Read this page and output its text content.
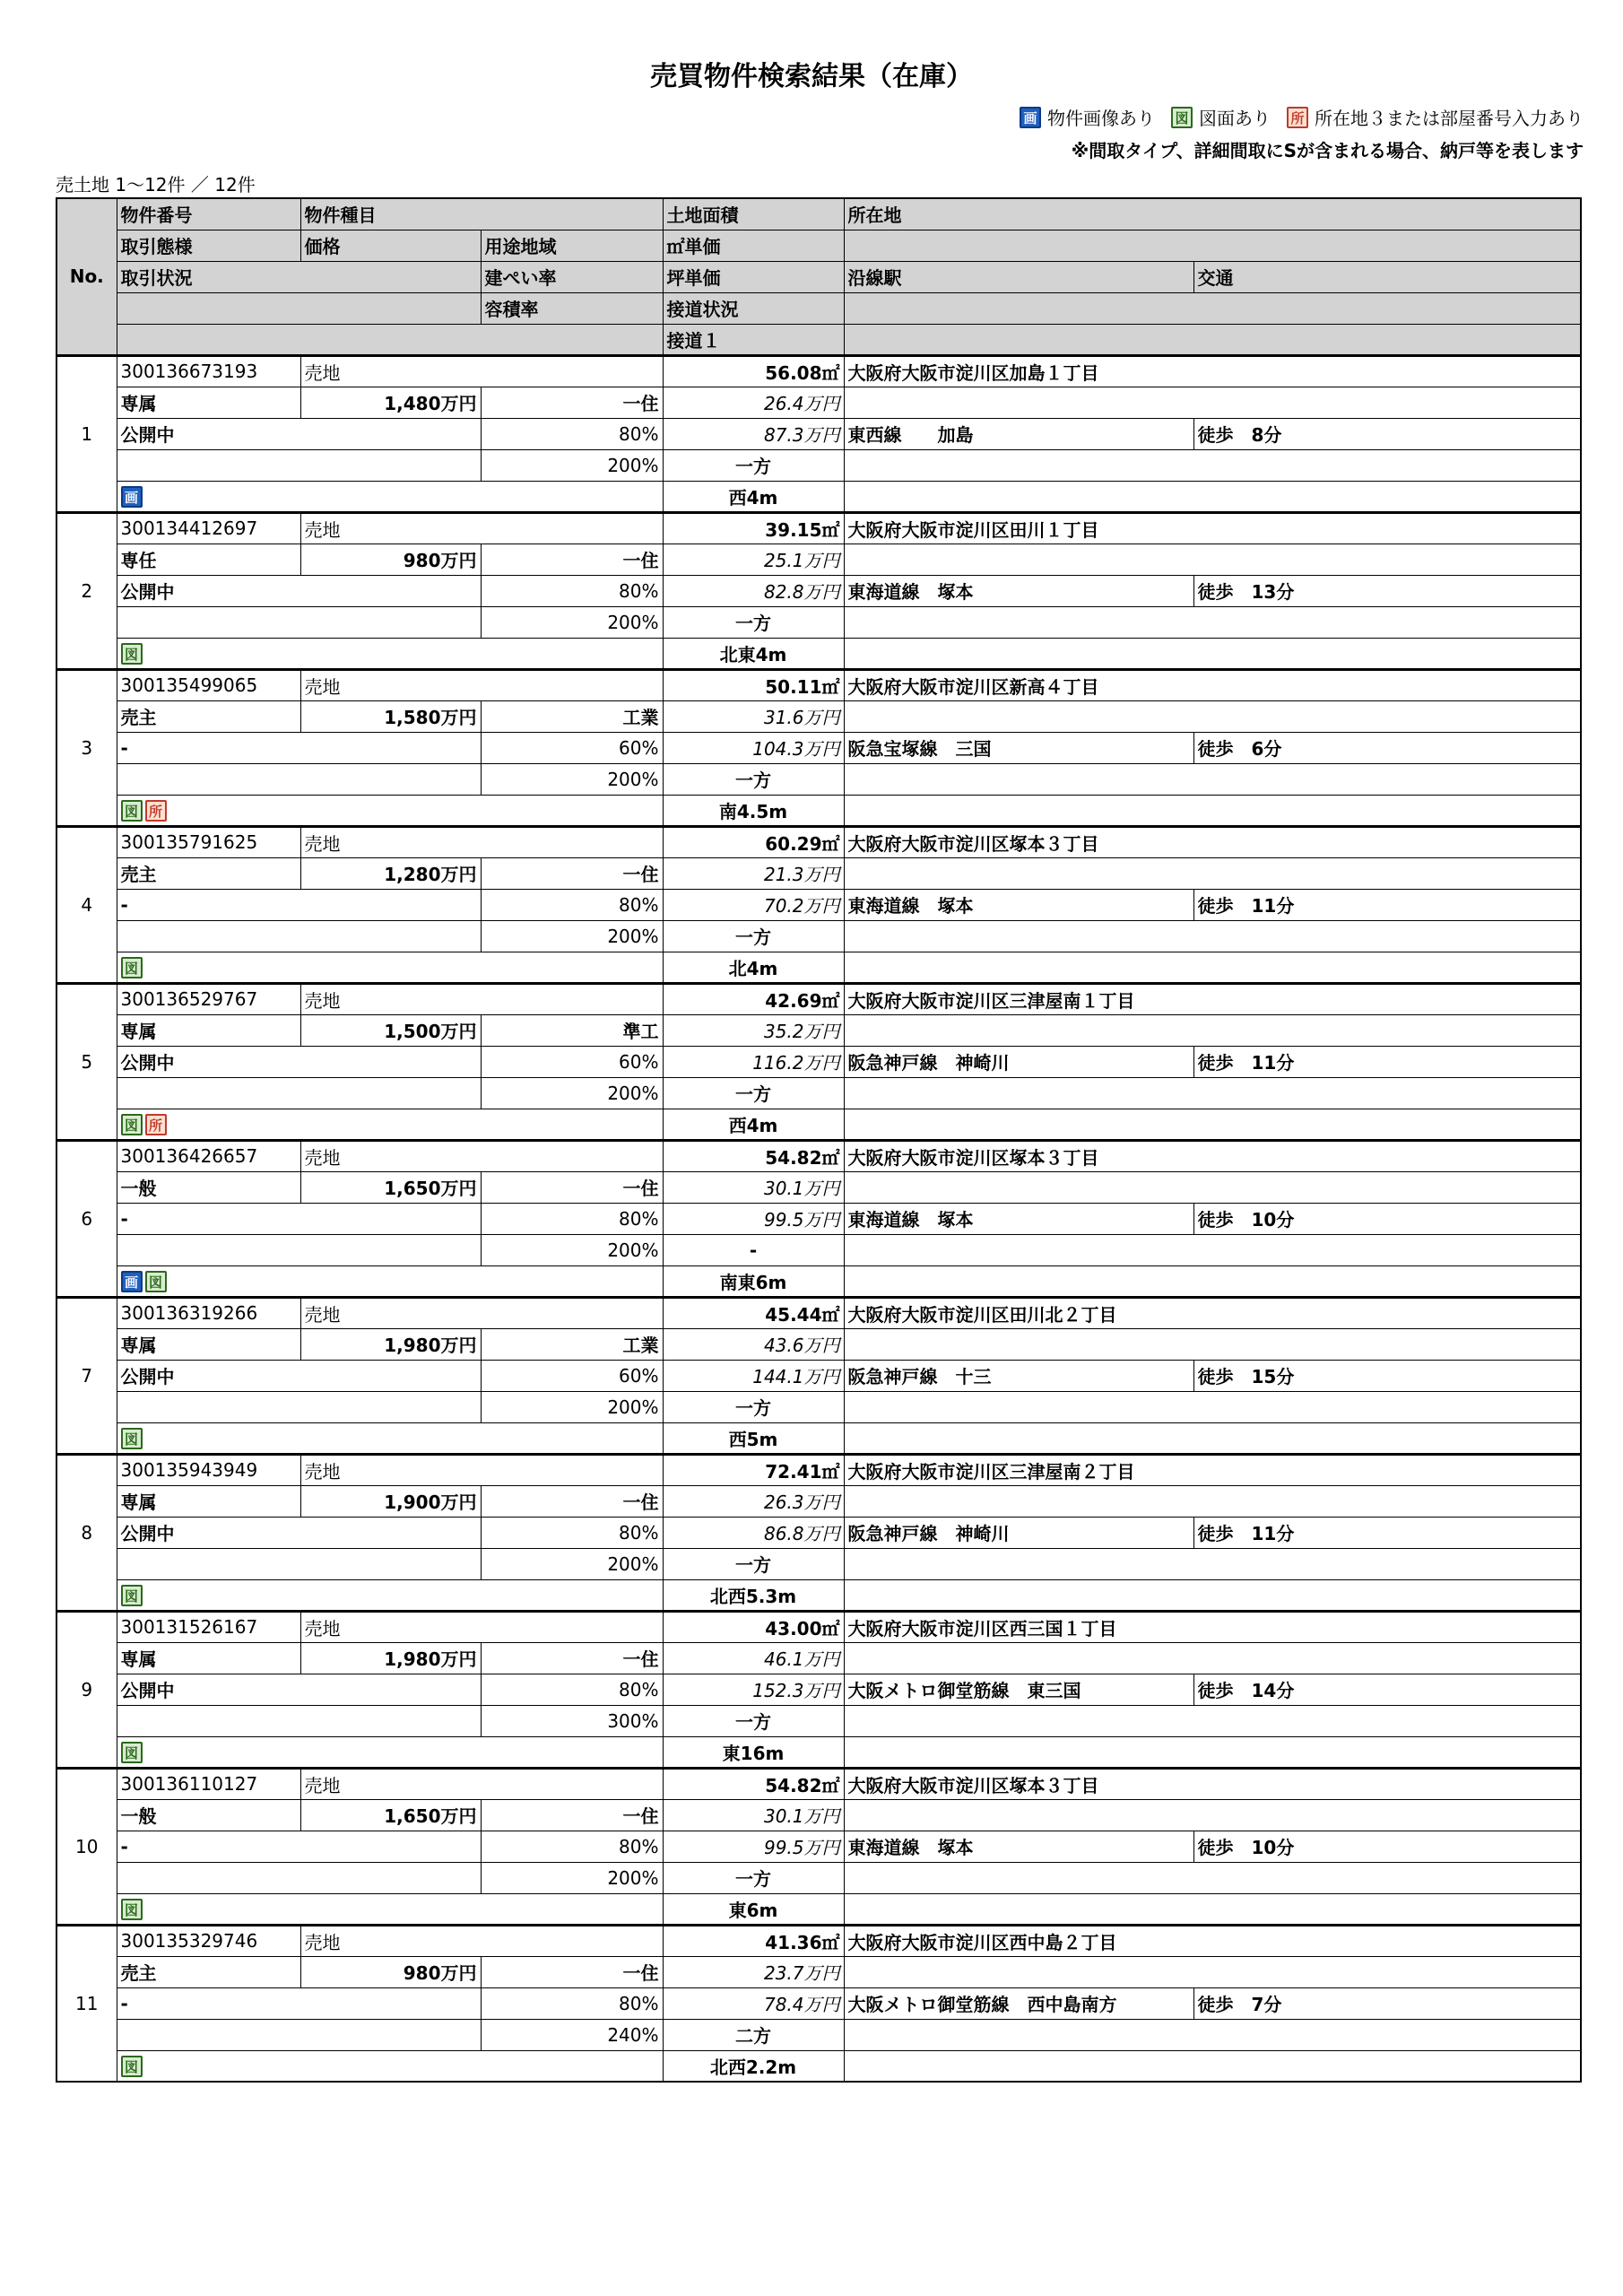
売買物件検索結果（在庫）
画 物件画像あり 図 図面あり 所 所在地３または部屋番号入力あり
※間取タイプ、詳細間取にSが含まれる場合、納戸等を表します
売土地 1〜12件 ／ 12件
No.	物件番号	物件種目		土地面積	所在地	
	取引態様	価格	用途地域	㎡単価		
	取引状況		建ぺい率	坪単価	沿線駅	交通
			容積率	接道状況		
				接道１		
1	300136673193	売地		56.08㎡	大阪府大阪市淀川区加島１丁目	
	専属	1,480万円	一住	26.4万円		
	公開中		80%	87.3万円	東西線　　加島	徒歩　8分
			200%	一方		
	画			西4m		
2	300134412697	売地		39.15㎡	大阪府大阪市淀川区田川１丁目	
	専任	980万円	一住	25.1万円		
	公開中		80%	82.8万円	東海道線　塚本	徒歩　13分
			200%	一方		
	図			北東4m		
3	300135499065	売地		50.11㎡	大阪府大阪市淀川区新高４丁目	
	売主	1,580万円	工業	31.6万円		
	-		60%	104.3万円	阪急宝塚線　三国	徒歩　6分
			200%	一方		
	図 所			南4.5m		
4	300135791625	売地		60.29㎡	大阪府大阪市淀川区塚本３丁目	
	売主	1,280万円	一住	21.3万円		
	-		80%	70.2万円	東海道線　塚本	徒歩　11分
			200%	一方		
	図			北4m		
5	300136529767	売地		42.69㎡	大阪府大阪市淀川区三津屋南１丁目	
	専属	1,500万円	準工	35.2万円		
	公開中		60%	116.2万円	阪急神戸線　神崎川	徒歩　11分
			200%	一方		
	図 所			西4m		
6	300136426657	売地		54.82㎡	大阪府大阪市淀川区塚本３丁目	
	一般	1,650万円	一住	30.1万円		
	-		80%	99.5万円	東海道線　塚本	徒歩　10分
			200%	-		
	画 図			南東6m		
7	300136319266	売地		45.44㎡	大阪府大阪市淀川区田川北２丁目	
	専属	1,980万円	工業	43.6万円		
	公開中		60%	144.1万円	阪急神戸線　十三	徒歩　15分
			200%	一方		
	図			西5m		
8	300135943949	売地		72.41㎡	大阪府大阪市淀川区三津屋南２丁目	
	専属	1,900万円	一住	26.3万円		
	公開中		80%	86.8万円	阪急神戸線　神崎川	徒歩　11分
			200%	一方		
	図			北西5.3m		
9	300131526167	売地		43.00㎡	大阪府大阪市淀川区西三国１丁目	
	専属	1,980万円	一住	46.1万円		
	公開中		80%	152.3万円	大阪メトロ御堂筋線　東三国	徒歩　14分
			300%	一方		
	図			東16m		
10	300136110127	売地		54.82㎡	大阪府大阪市淀川区塚本３丁目	
	一般	1,650万円	一住	30.1万円		
	-		80%	99.5万円	東海道線　塚本	徒歩　10分
			200%	一方		
	図			東6m		
11	300135329746	売地		41.36㎡	大阪府大阪市淀川区西中島２丁目	
	売主	980万円	一住	23.7万円		
	-		80%	78.4万円	大阪メトロ御堂筋線　西中島南方	徒歩　7分
			240%	二方		
	図			北西2.2m		
